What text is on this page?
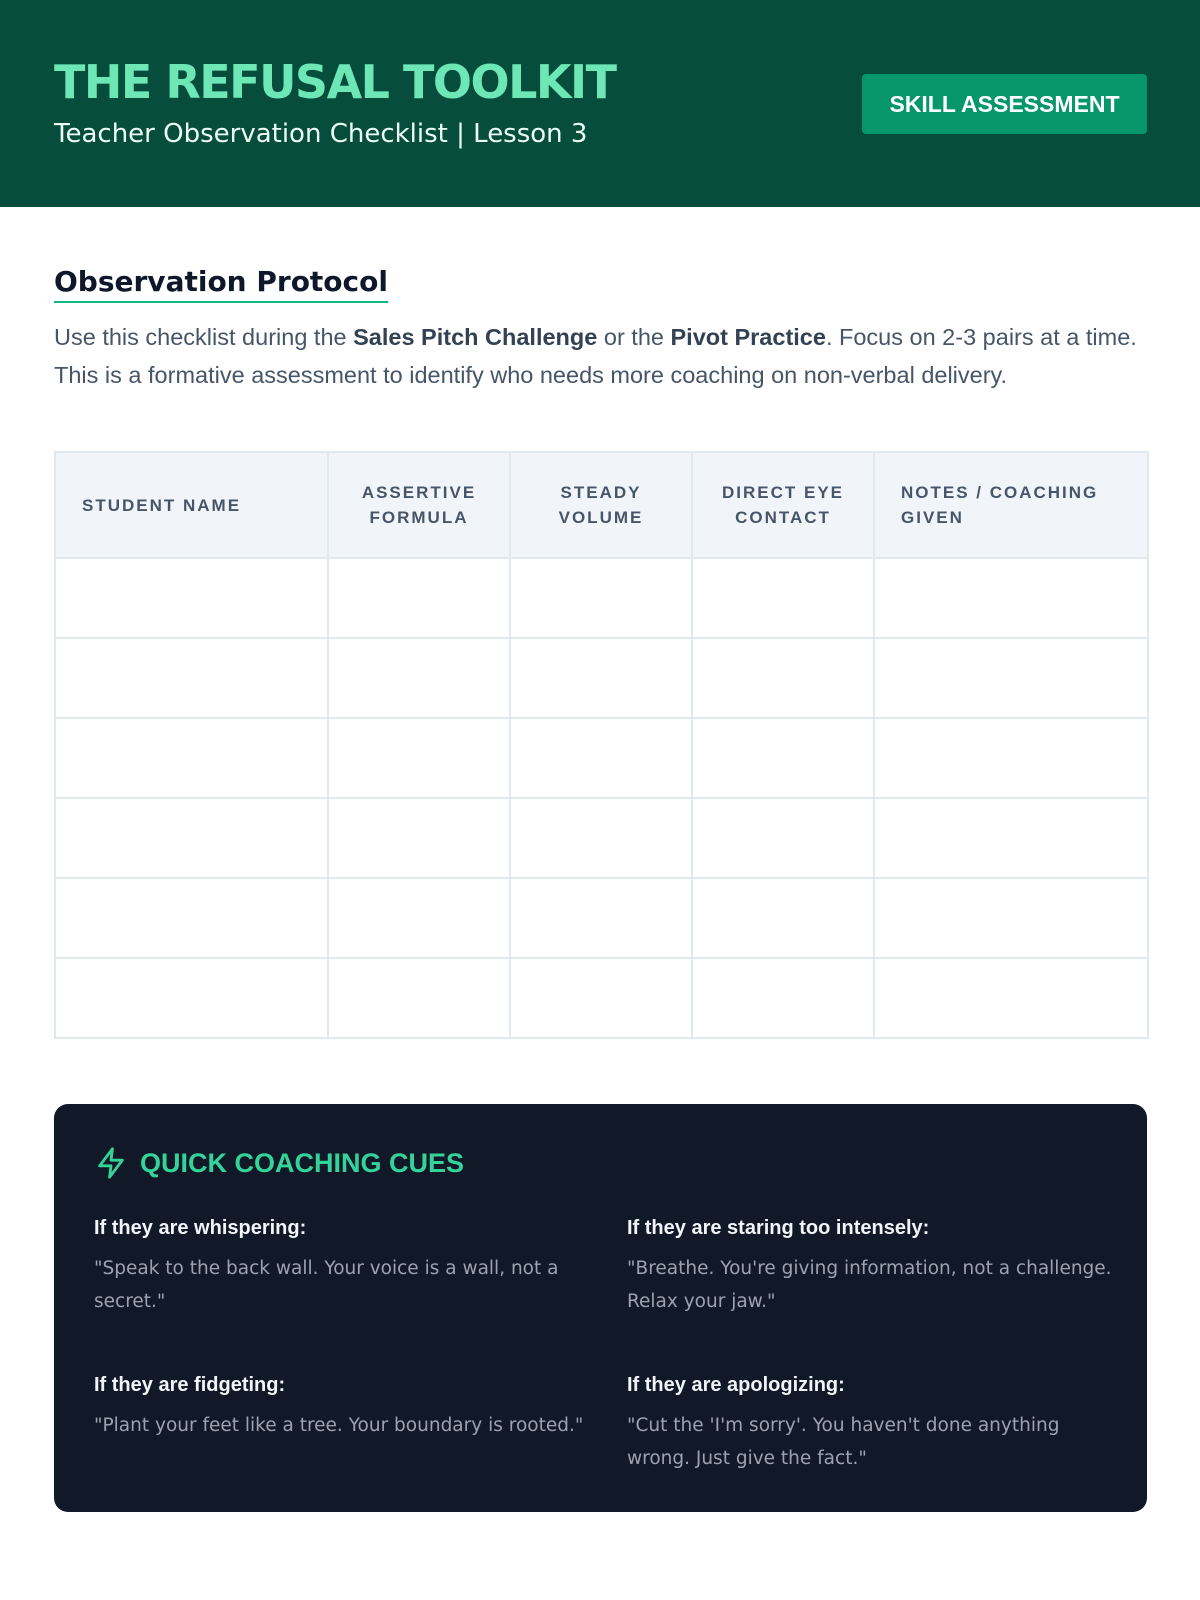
THE REFUSAL TOOLKIT
Teacher Observation Checklist | Lesson 3
SKILL ASSESSMENT
Observation Protocol

Use this checklist during the Sales Pitch Challenge or the Pivot Practice. Focus on 2-3 pairs at a time. This is a formative assessment to identify who needs more coaching on non-verbal delivery.

STUDENT NAME	ASSERTIVE FORMULA	STEADY VOLUME	DIRECT EYE CONTACT	NOTES / COACHING GIVEN

QUICK COACHING CUES
If they are whispering:
"Speak to the back wall. Your voice is a wall, not a secret."
If they are staring too intensely:
"Breathe. You're giving information, not a challenge. Relax your jaw."
If they are fidgeting:
"Plant your feet like a tree. Your boundary is rooted."
If they are apologizing:
"Cut the 'I'm sorry'. You haven't done anything wrong. Just give the fact."
